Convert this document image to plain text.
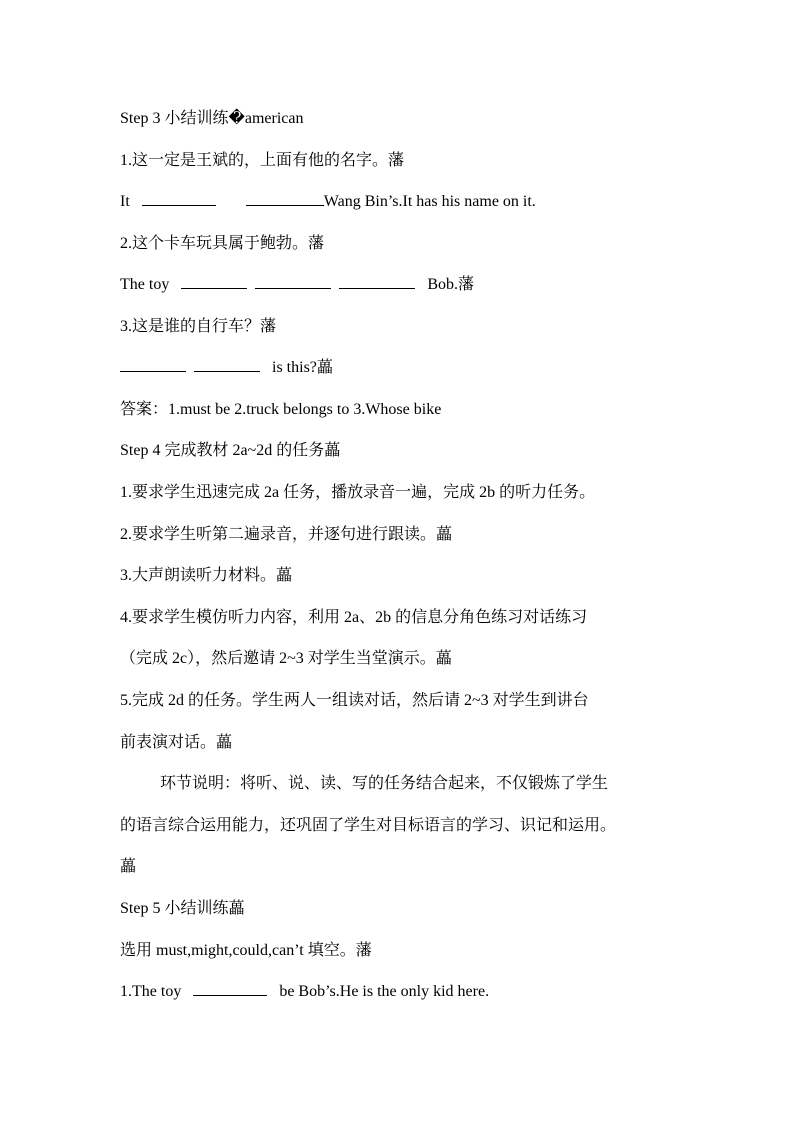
Step 3 小结训练�american
1.这一定是王斌的，上面有他的名字。藩
It	Wang Bin’s.It has his name on it.
2.这个卡车玩具属于鲍勃。藩
The toy	Bob.藩
3.这是谁的自行车？藩
is this?藟
答案：1.must be 2.truck belongs to 3.Whose bike
Step 4 完成教材 2a~2d 的任务藟
1.要求学生迅速完成 2a 任务，播放录音一遍，完成 2b 的听力任务。
2.要求学生听第二遍录音，并逐句进行跟读。藟
3.大声朗读听力材料。藟
4.要求学生模仿听力内容，利用 2a、2b 的信息分角色练习对话练习
（完成 2c），然后邀请 2~3 对学生当堂演示。藟
5.完成 2d 的任务。学生两人一组读对话，然后请 2~3 对学生到讲台
前表演对话。藟
环节说明：将听、说、读、写的任务结合起来，不仅锻炼了学生
的语言综合运用能力，还巩固了学生对目标语言的学习、识记和运用。
藟
Step 5 小结训练藟
选用 must,might,could,can’t 填空。藩
1.The toy	be Bob’s.He is the only kid here.
